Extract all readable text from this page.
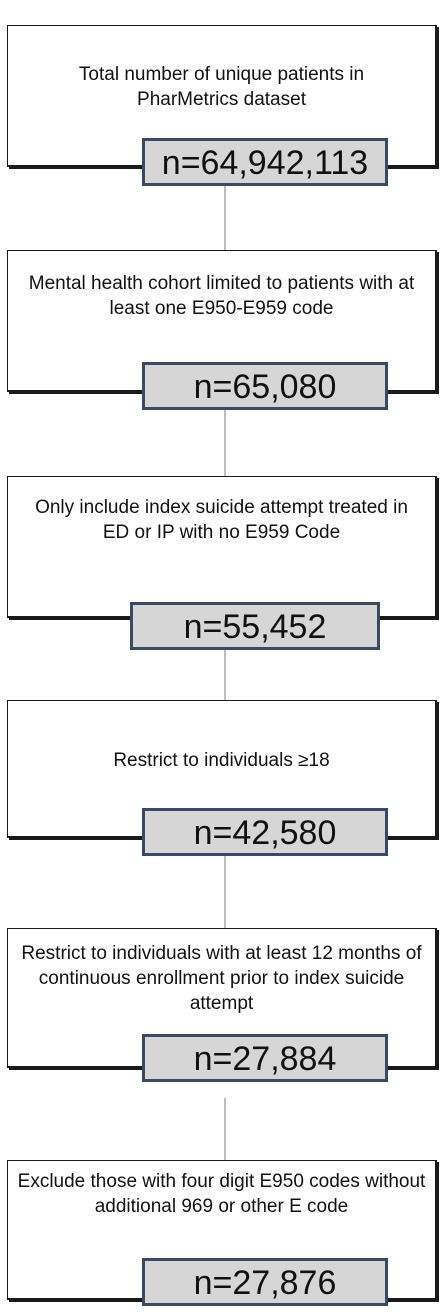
Total number of unique patients in PharMetrics dataset
n=64,942,113
Mental health cohort limited to patients with at least one E950-E959 code
n=65,080
Only include index suicide attempt treated in ED or IP with no E959 Code
n=55,452
Restrict to individuals ≥18
n=42,580
Restrict to individuals with at least 12 months of continuous enrollment prior to index suicide attempt
n=27,884
Exclude those with four digit E950 codes without additional 969 or other E code
n=27,876
